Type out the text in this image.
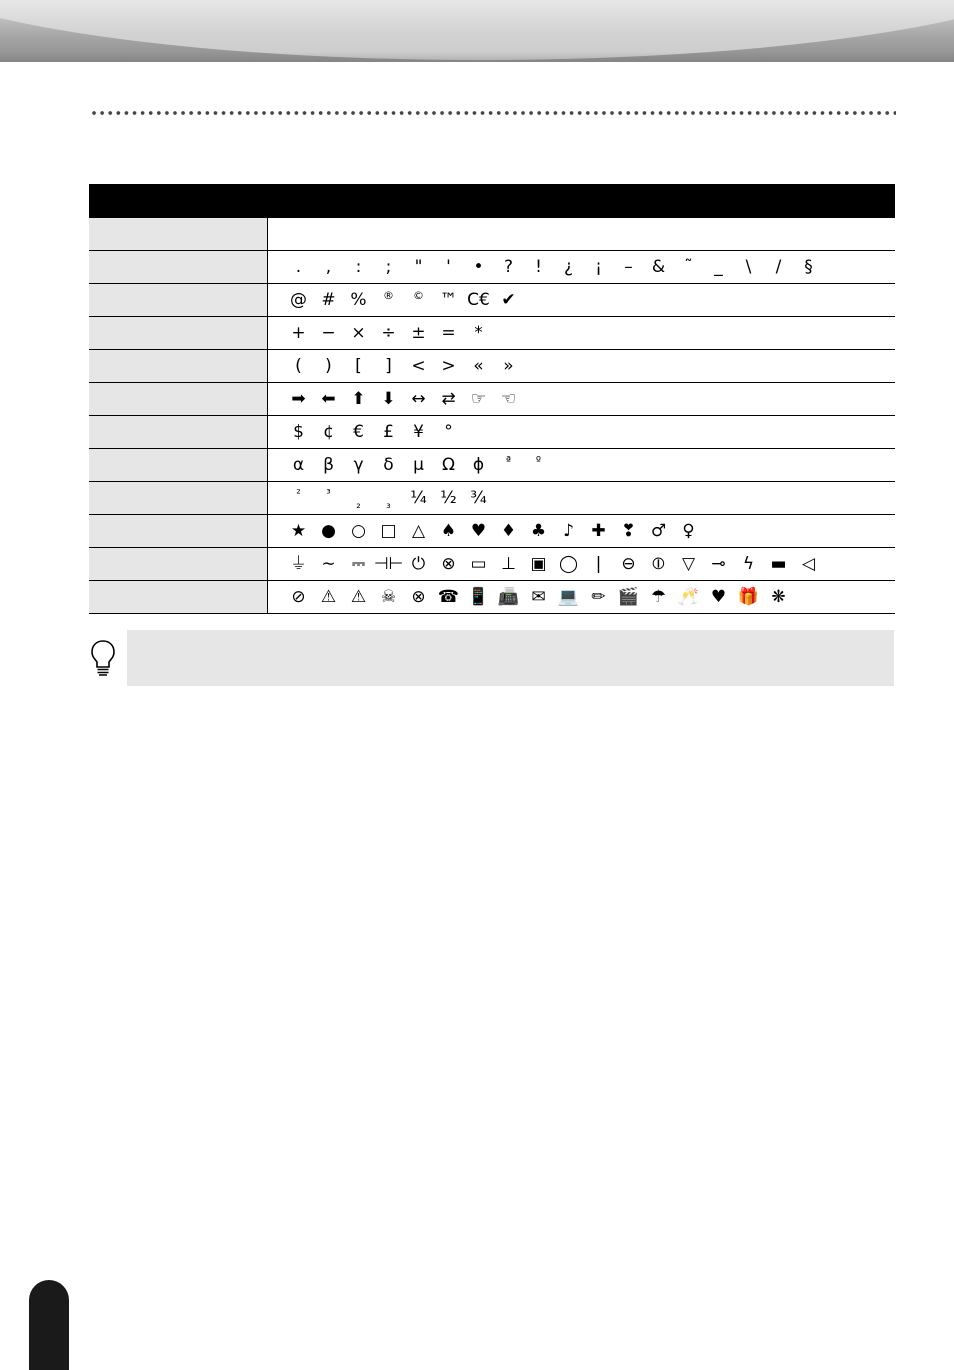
	. , : ; " ' • ? ! ¿ ¡ – & ˜ _ \ / §
	@ # % ® © ™ C€ ✔
	+ − × ÷ ± = *
	( ) [ ] < > « »
	➡ ⬅ ⬆ ⬇ ↔ ⇄ ☞ ☜
	$ ¢ € £ ¥ °
	α β γ δ μ Ω ϕ ª º
	² ³₂ ₃ ¼ ½ ¾
	★ ● ○ □ △ ♠ ♥ ♦ ♣ ♪ ✚ ❣ ♂ ♀
	⏚ ∼ ⎓ ⊣⊢ ⏻ ⊗ ▭ ⊥ ▣ ◯ | ⊖ ⦶ ▽ ⊸ ϟ ▬ ◁
	⊘ ⚠ ⚠ ☠ ⊗ ☎ 📱 📠 ✉ 💻 ✏ 🎬 ☂ 🥂 ♥ 🎁 ❋
